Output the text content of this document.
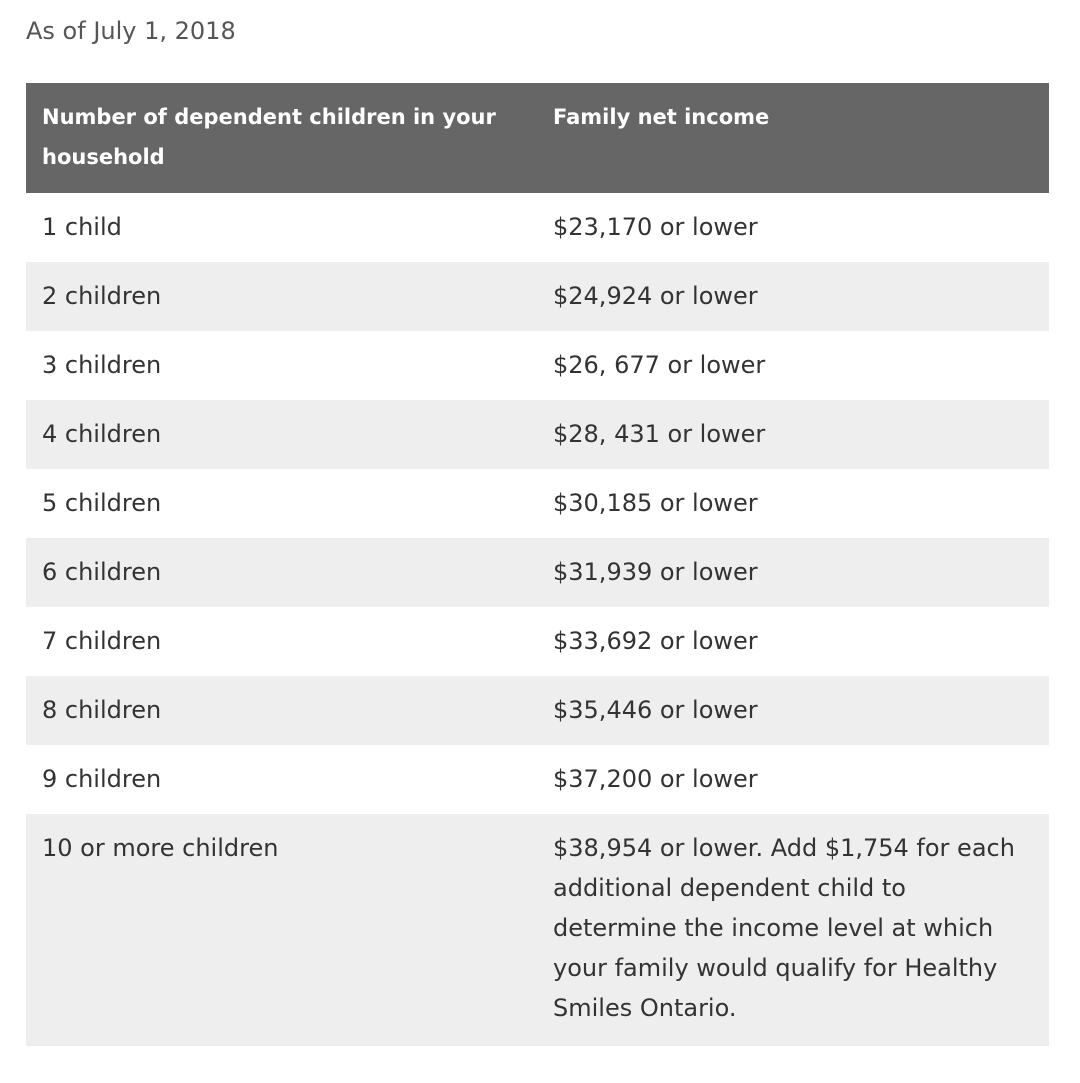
As of July 1, 2018

Number of dependent children in your household	Family net income
1 child	$23,170 or lower
2 children	$24,924 or lower
3 children	$26, 677 or lower
4 children	$28, 431 or lower
5 children	$30,185 or lower
6 children	$31,939 or lower
7 children	$33,692 or lower
8 children	$35,446 or lower
9 children	$37,200 or lower
10 or more children	$38,954 or lower. Add $1,754 for each additional dependent child to determine the income level at which your family would qualify for Healthy Smiles Ontario.
